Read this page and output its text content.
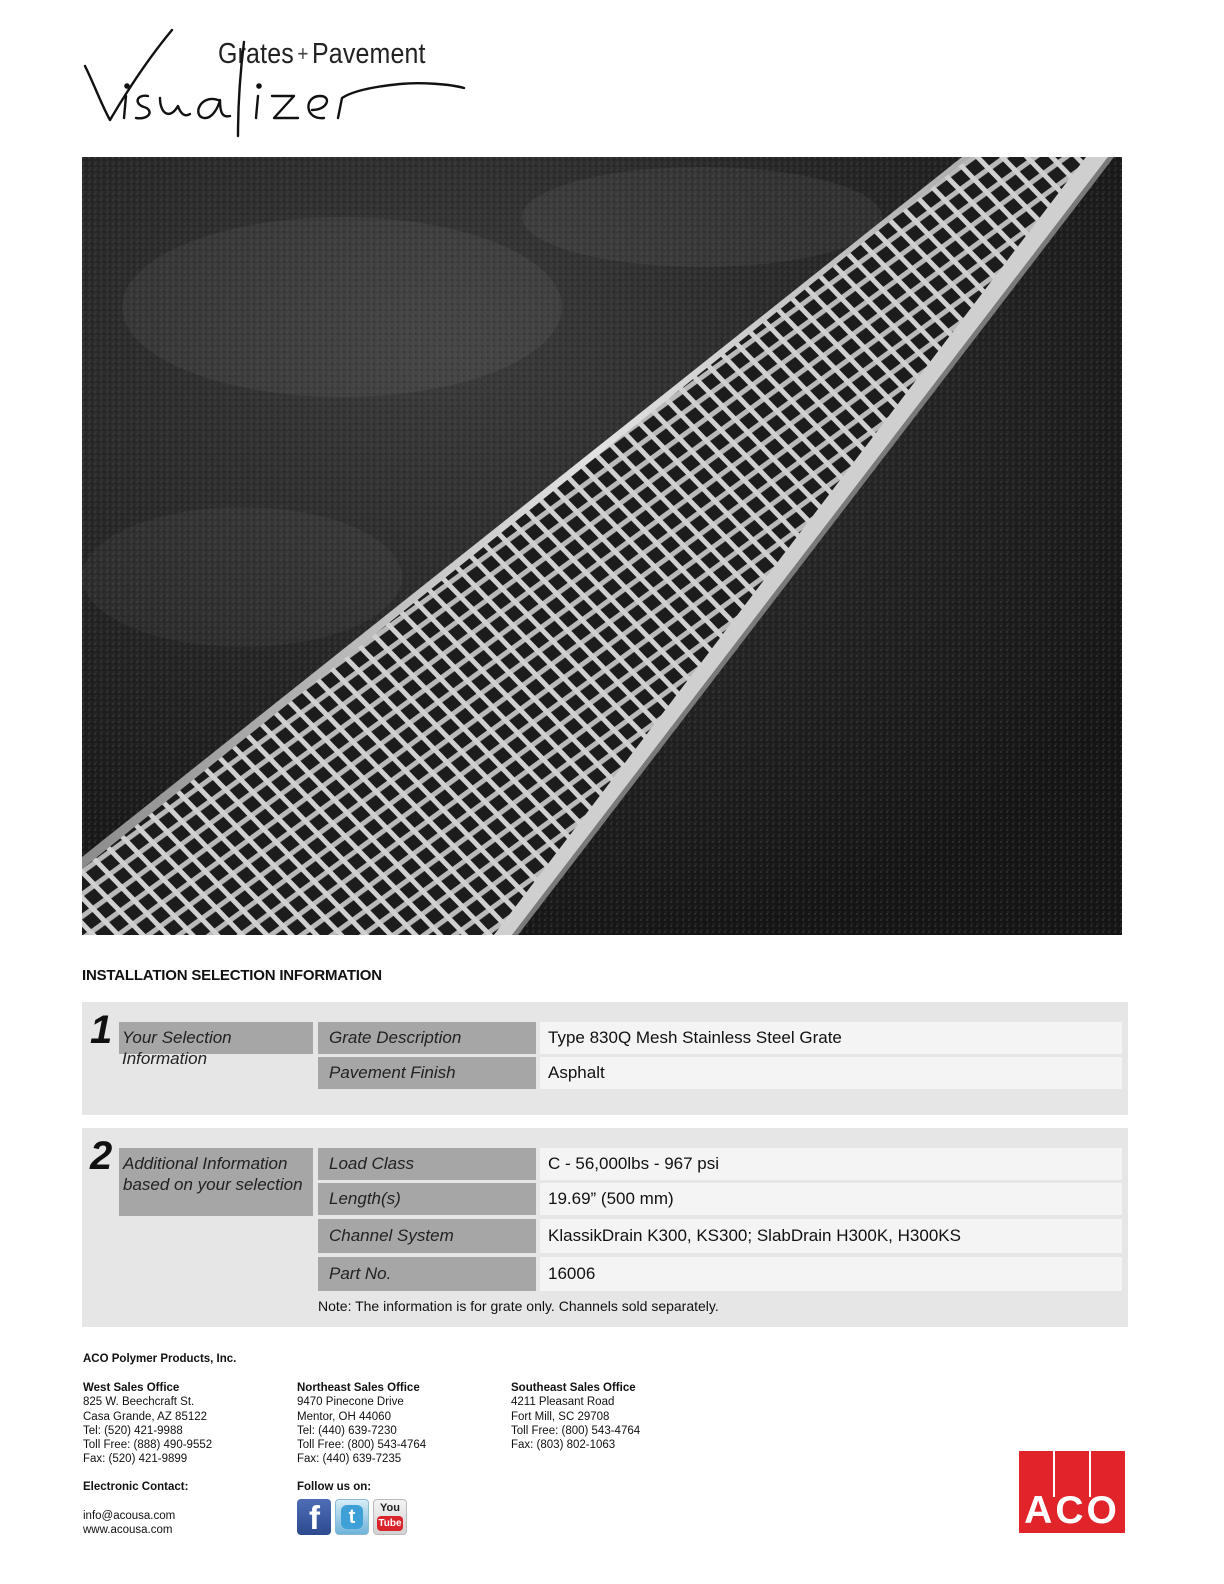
Grates + Pavement
INSTALLATION SELECTION INFORMATION
1 Your Selection Information
Grate Description	Type 830Q Mesh Stainless Steel Grate
Pavement Finish	Asphalt
2 Additional Information
based on your selection
Load Class	C - 56,000lbs - 967 psi
Length(s)	19.69” (500 mm)
Channel System	KlassikDrain K300, KS300; SlabDrain H300K, H300KS
Part No.	16006
Note: The information is for grate only. Channels sold separately.
ACO Polymer Products, Inc.
West Sales Office
825 W. Beechcraft St.
Casa Grande, AZ 85122
Tel: (520) 421-9988
Toll Free: (888) 490-9552
Fax: (520) 421-9899
Northeast Sales Office
9470 Pinecone Drive
Mentor, OH 44060
Tel: (440) 639-7230
Toll Free: (800) 543-4764
Fax: (440) 639-7235
Southeast Sales Office
4211 Pleasant Road
Fort Mill, SC 29708
Toll Free: (800) 543-4764
Fax: (803) 802-1063
Electronic Contact:
info@acousa.com
www.acousa.com
Follow us on:
f	t	You
Tube	ACO
